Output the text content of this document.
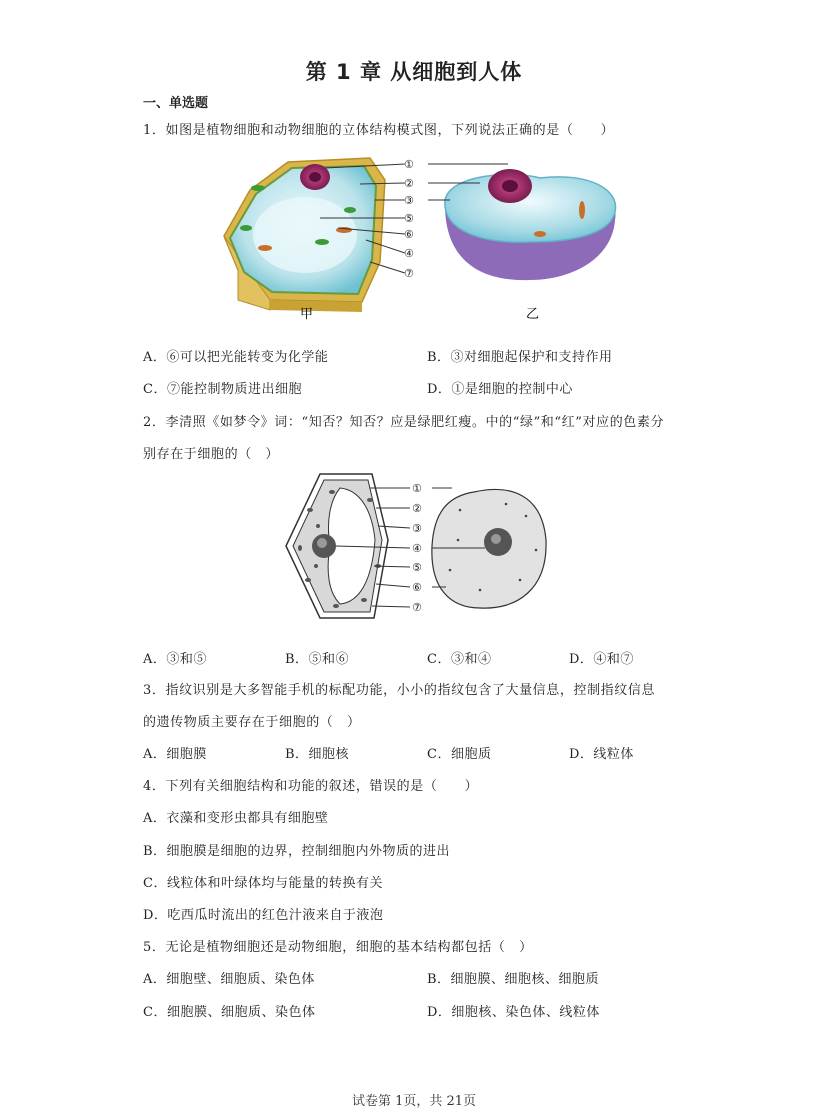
第 1 章 从细胞到人体
一、单选题
1．如图是植物细胞和动物细胞的立体结构模式图，下列说法正确的是（　　）
①
②
③
⑤
⑥
④
⑦
甲	乙
A．⑥可以把光能转变为化学能	B．③对细胞起保护和支持作用
C．⑦能控制物质进出细胞	D．①是细胞的控制中心
2．李清照《如梦令》词：“知否？知否？应是绿肥红瘦。中的“绿”和“红”对应的色素分
别存在于细胞的（　）
①
②
③
④
⑤
⑥
⑦
A．③和⑤	B．⑤和⑥	C．③和④	D．④和⑦
3．指纹识别是大多智能手机的标配功能，小小的指纹包含了大量信息，控制指纹信息
的遗传物质主要存在于细胞的（　）
A．细胞膜	B．细胞核	C．细胞质	D．线粒体
4．下列有关细胞结构和功能的叙述，错误的是（　　）
A．衣藻和变形虫都具有细胞壁
B．细胞膜是细胞的边界，控制细胞内外物质的进出
C．线粒体和叶绿体均与能量的转换有关
D．吃西瓜时流出的红色汁液来自于液泡
5．无论是植物细胞还是动物细胞，细胞的基本结构都包括（　）
A．细胞壁、细胞质、染色体	B．细胞膜、细胞核、细胞质
C．细胞膜、细胞质、染色体	D．细胞核、染色体、线粒体
试卷第 1页，共 21页
